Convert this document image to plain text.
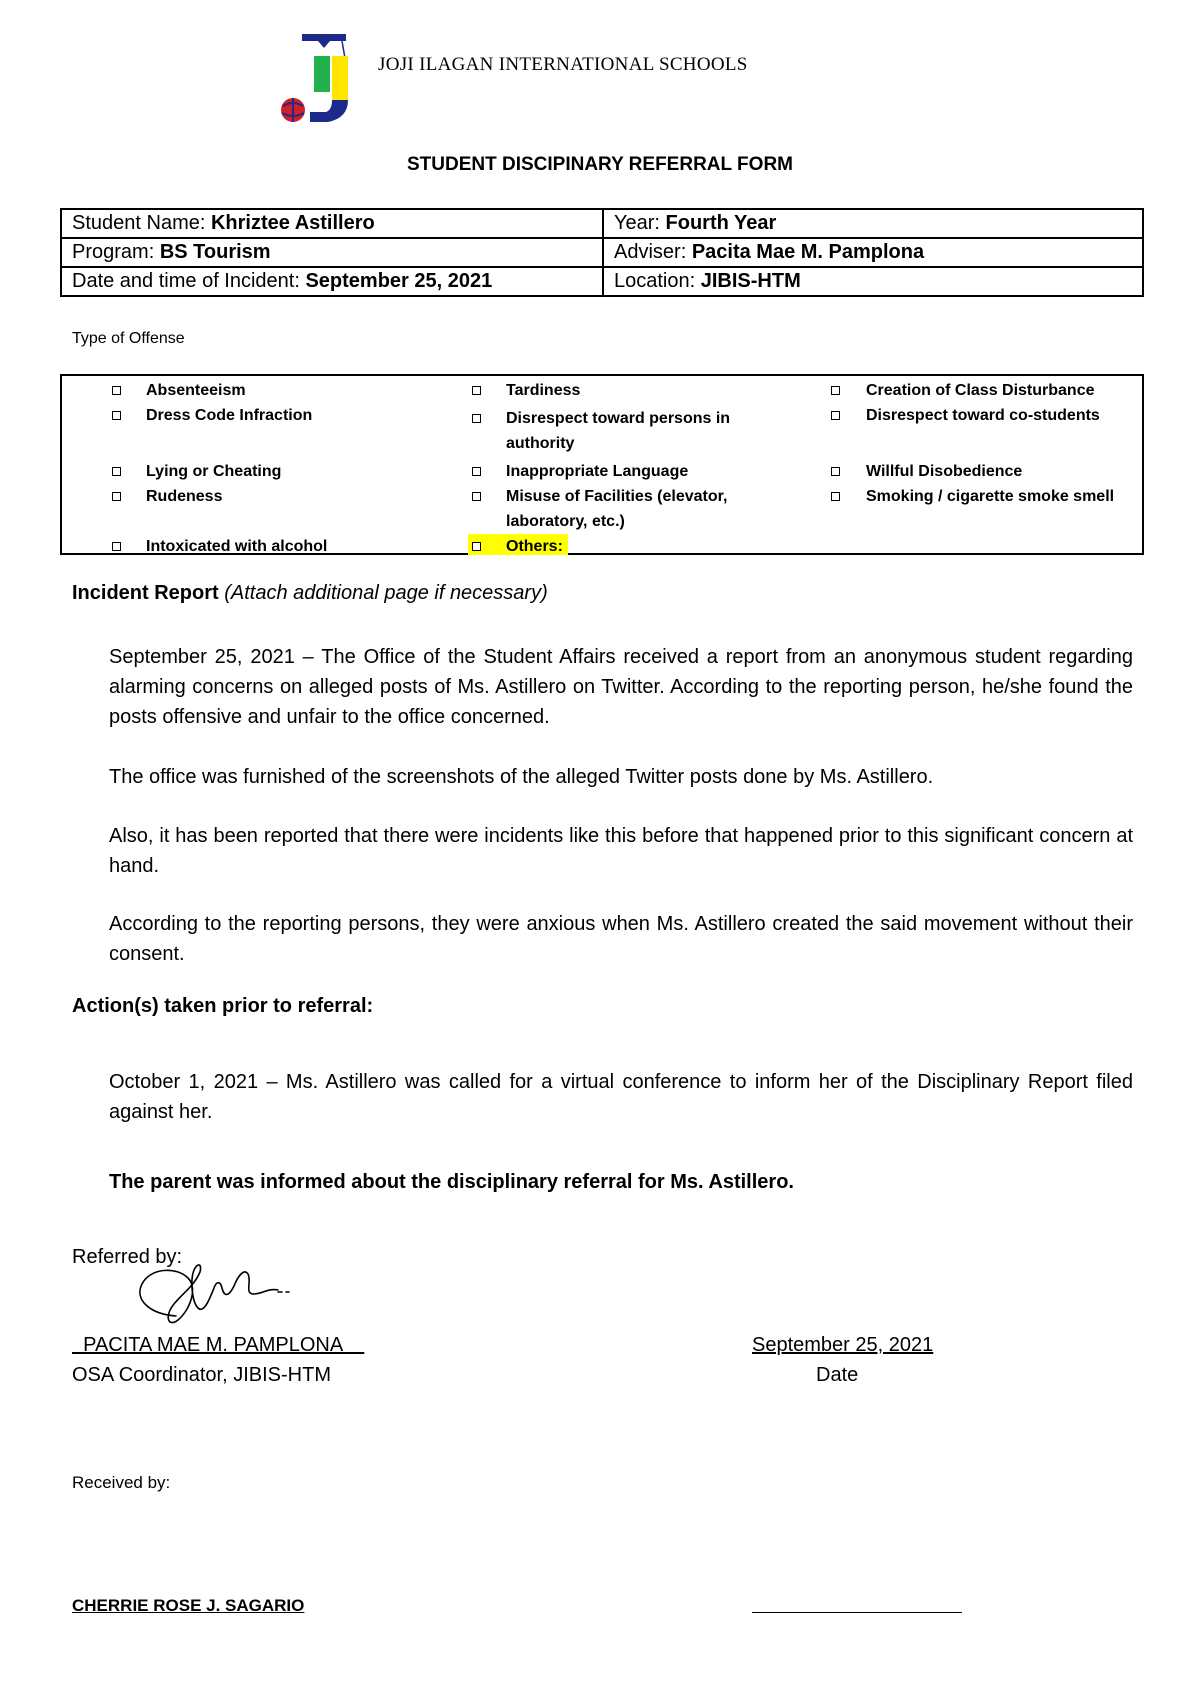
JOJI ILAGAN INTERNATIONAL SCHOOLS
STUDENT DISCIPINARY REFERRAL FORM
Student Name: Khriztee Astillero	Year: Fourth Year
Program: BS Tourism	Adviser: Pacita Mae M. Pamplona
Date and time of Incident: September 25, 2021	Location: JIBIS-HTM
Type of Offense
Absenteeism
Dress Code Infraction
Lying or Cheating
Rudeness
Intoxicated with alcohol
Tardiness
Disrespect toward persons in
authority
Inappropriate Language
Misuse of Facilities (elevator,
laboratory, etc.)
Others:
Creation of Class Disturbance
Disrespect toward co-students
Willful Disobedience
Smoking / cigarette smoke smell
Incident Report (Attach additional page if necessary)
September 25, 2021 – The Office of the Student Affairs received a report from an anonymous student regarding alarming concerns on alleged posts of Ms. Astillero on Twitter. According to the reporting person, he/she found the posts offensive and unfair to the office concerned.
The office was furnished of the screenshots of the alleged Twitter posts done by Ms. Astillero.
Also, it has been reported that there were incidents like this before that happened prior to this significant concern at hand.
According to the reporting persons, they were anxious when Ms. Astillero created the said movement without their consent.
Action(s) taken prior to referral:
October 1, 2021 – Ms. Astillero was called for a virtual conference to inform her of the Disciplinary Report filed against her.
The parent was informed about the disciplinary referral for Ms. Astillero.
Referred by:
PACITA MAE M. PAMPLONA
OSA Coordinator, JIBIS-HTM
September 25, 2021
Date
Received by:
CHERRIE ROSE J. SAGARIO
